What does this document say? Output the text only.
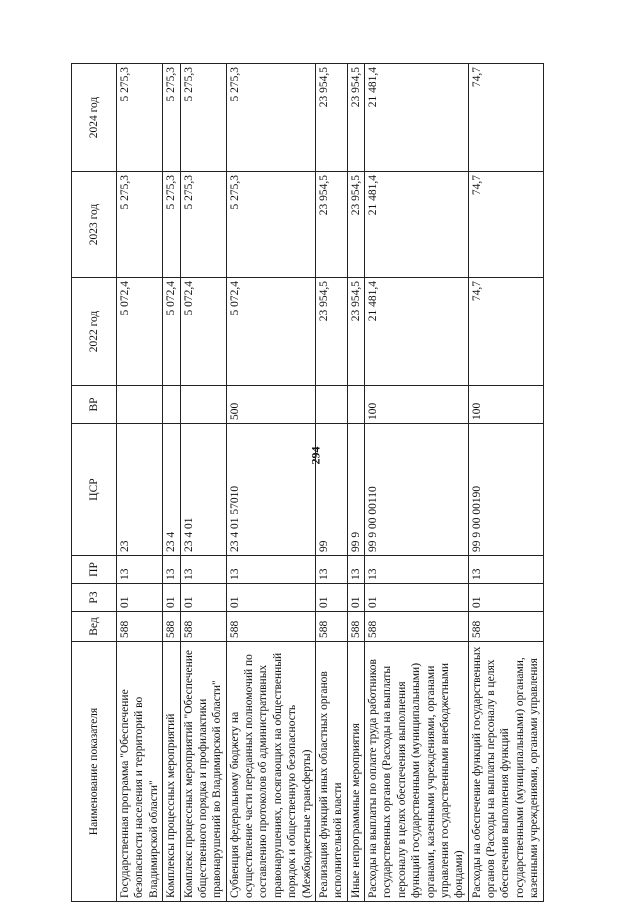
294
Наименование показателя	Вед	РЗ	ПР	ЦСР	ВР	2022 год	2023 год	2024 год
Государственная программа "Обеспечение безопасности населения и территорий во Владимирской области"	588	01	13	23		5 072,4	5 275,3	5 275,3
Комплексы процессных мероприятий	588	01	13	23 4		5 072,4	5 275,3	5 275,3
Комплекс процессных мероприятий "Обеспечение общественного порядка и профилактики правонарушений во Владимирской области"	588	01	13	23 4 01		5 072,4	5 275,3	5 275,3
Субвенция федеральному бюджету на осуществление части переданных полномочий по составлению протоколов об административных правонарушениях, посягающих на общественный порядок и общественную безопасность (Межбюджетные трансферты)	588	01	13	23 4 01 57010	500	5 072,4	5 275,3	5 275,3
Реализация функций иных областных органов исполнительной власти	588	01	13	99		23 954,5	23 954,5	23 954,5
Иные непрограммные мероприятия	588	01	13	99 9		23 954,5	23 954,5	23 954,5
Расходы на выплаты по оплате труда работников государственных органов (Расходы на выплаты персоналу в целях обеспечения выполнения функций государственными (муниципальными) органами, казенными учреждениями, органами управления государственными внебюджетными фондами)	588	01	13	99 9 00 00110	100	21 481,4	21 481,4	21 481,4
Расходы на обеспечение функций государственных органов (Расходы на выплаты персоналу в целях обеспечения выполнения функций государственными (муниципальными) органами, казенными учреждениями, органами управления	588	01	13	99 9 00 00190	100	74,7	74,7	74,7
